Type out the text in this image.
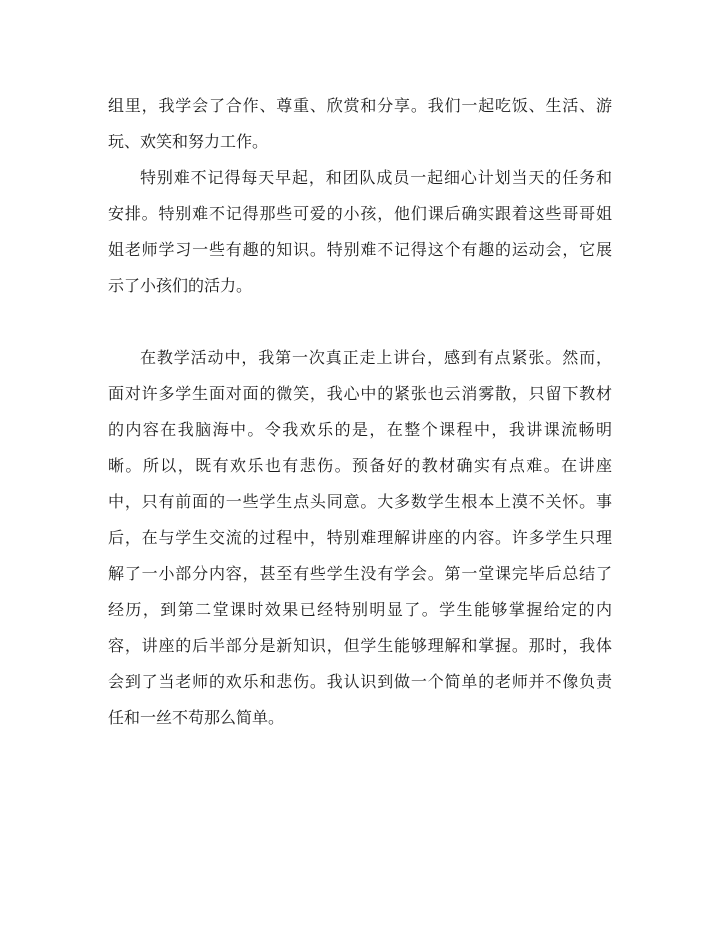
组里，我学会了合作、尊重、欣赏和分享。我们一起吃饭、生活、游
玩、欢笑和努力工作。
特别难不记得每天早起，和团队成员一起细心计划当天的任务和
安排。特别难不记得那些可爱的小孩，他们课后确实跟着这些哥哥姐
姐老师学习一些有趣的知识。特别难不记得这个有趣的运动会，它展
示了小孩们的活力。
在教学活动中，我第一次真正走上讲台，感到有点紧张。然而，
面对许多学生面对面的微笑，我心中的紧张也云消雾散，只留下教材
的内容在我脑海中。令我欢乐的是，在整个课程中，我讲课流畅明
晰。所以，既有欢乐也有悲伤。预备好的教材确实有点难。在讲座
中，只有前面的一些学生点头同意。大多数学生根本上漠不关怀。事
后，在与学生交流的过程中，特别难理解讲座的内容。许多学生只理
解了一小部分内容，甚至有些学生没有学会。第一堂课完毕后总结了
经历，到第二堂课时效果已经特别明显了。学生能够掌握给定的内
容，讲座的后半部分是新知识，但学生能够理解和掌握。那时，我体
会到了当老师的欢乐和悲伤。我认识到做一个简单的老师并不像负责
任和一丝不苟那么简单。
